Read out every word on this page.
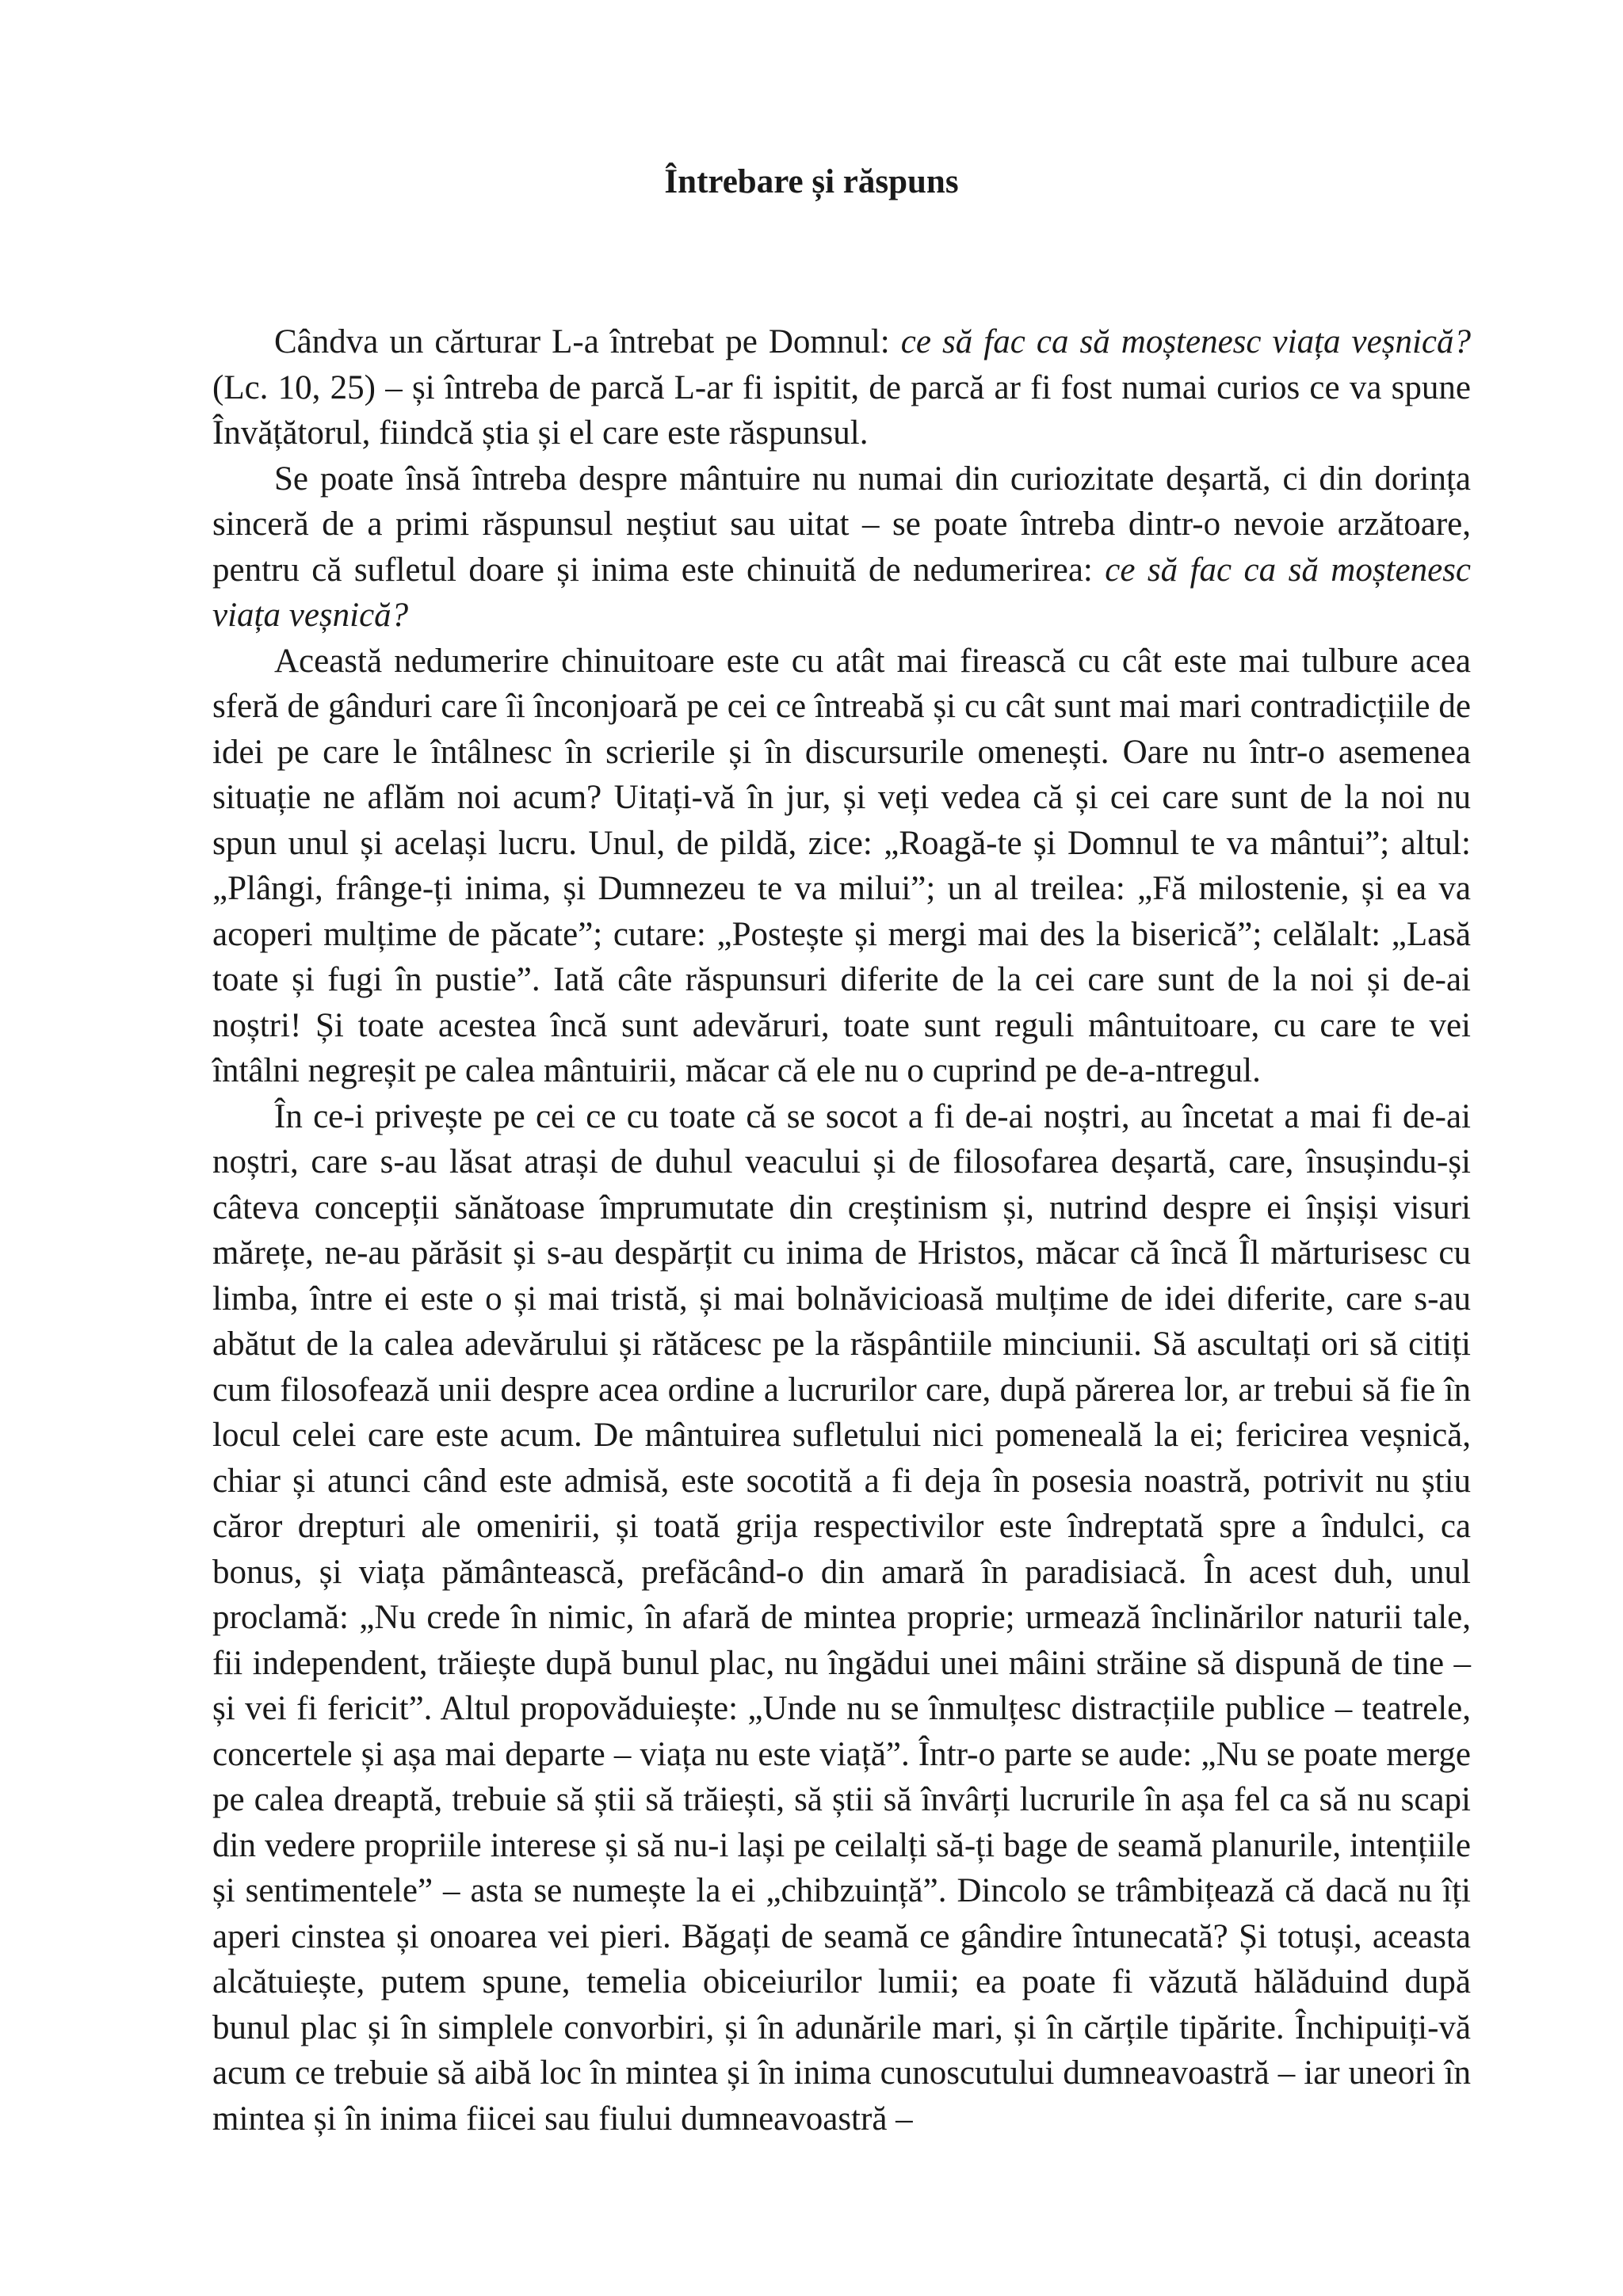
Întrebare și răspuns

Cândva un cărturar L-a întrebat pe Domnul: ce să fac ca să moștenesc viața veșnică? (Lc. 10, 25) – și întreba de parcă L-ar fi ispitit, de parcă ar fi fost numai curios ce va spune Învățătorul, fiindcă știa și el care este răspunsul.

Se poate însă întreba despre mântuire nu numai din curiozitate deșartă, ci din dorința sinceră de a primi răspunsul neștiut sau uitat – se poate întreba dintr-o nevoie arzătoare, pentru că sufletul doare și inima este chinuită de nedumerirea: ce să fac ca să moștenesc viața veșnică?

Această nedumerire chinuitoare este cu atât mai firească cu cât este mai tulbure acea sferă de gânduri care îi înconjoară pe cei ce întreabă și cu cât sunt mai mari contradicțiile de idei pe care le întâlnesc în scrierile și în discursurile omenești. Oare nu într-o asemenea situație ne aflăm noi acum? Uitați-vă în jur, și veți vedea că și cei care sunt de la noi nu spun unul și același lucru. Unul, de pildă, zice: „Roagă-te și Domnul te va mântui”; altul: „Plângi, frânge-ți inima, și Dumnezeu te va milui”; un al treilea: „Fă milostenie, și ea va acoperi mulțime de păcate”; cutare: „Postește și mergi mai des la biserică”; celălalt: „Lasă toate și fugi în pustie”. Iată câte răspunsuri diferite de la cei care sunt de la noi și de-ai noștri! Și toate acestea încă sunt adevăruri, toate sunt reguli mântuitoare, cu care te vei întâlni negreșit pe calea mântuirii, măcar că ele nu o cuprind pe de-a-ntregul.

În ce-i privește pe cei ce cu toate că se socot a fi de-ai noștri, au încetat a mai fi de-ai noștri, care s-au lăsat atrași de duhul veacului și de filosofarea deșartă, care, însușindu-și câteva concepții sănătoase împrumutate din creștinism și, nutrind despre ei înșiși visuri mărețe, ne-au părăsit și s-au despărțit cu inima de Hristos, măcar că încă Îl mărturisesc cu limba, între ei este o și mai tristă, și mai bolnăvicioasă mulțime de idei diferite, care s-au abătut de la calea adevărului și rătăcesc pe la răspântiile minciunii. Să ascultați ori să citiți cum filosofează unii despre acea ordine a lucrurilor care, după părerea lor, ar trebui să fie în locul celei care este acum. De mântuirea sufletului nici pomeneală la ei; fericirea veșnică, chiar și atunci când este admisă, este socotită a fi deja în posesia noastră, potrivit nu știu căror drepturi ale omenirii, și toată grija respectivilor este îndreptată spre a îndulci, ca bonus, și viața pământească, prefăcând-o din amară în paradisiacă. În acest duh, unul proclamă: „Nu crede în nimic, în afară de mintea proprie; urmează înclinărilor naturii tale, fii independent, trăiește după bunul plac, nu îngădui unei mâini străine să dispună de tine – și vei fi fericit”. Altul propovăduiește: „Unde nu se înmulțesc distracțiile publice – teatrele, concertele și așa mai departe – viața nu este viață”. Într-o parte se aude: „Nu se poate merge pe calea dreaptă, trebuie să știi să trăiești, să știi să învârți lucrurile în așa fel ca să nu scapi din vedere propriile interese și să nu-i lași pe ceilalți să-ți bage de seamă planurile, intențiile și sentimentele” – asta se numește la ei „chibzuință”. Dincolo se trâmbițează că dacă nu îți aperi cinstea și onoarea vei pieri. Băgați de seamă ce gândire întunecată? Și totuși, aceasta alcătuiește, putem spune, temelia obiceiurilor lumii; ea poate fi văzută hălăduind după bunul plac și în simplele convorbiri, și în adunările mari, și în cărțile tipărite. Închipuiți-vă acum ce trebuie să aibă loc în mintea și în inima cunoscutului dumneavoastră – iar uneori în mintea și în inima fiicei sau fiului dumneavoastră –
